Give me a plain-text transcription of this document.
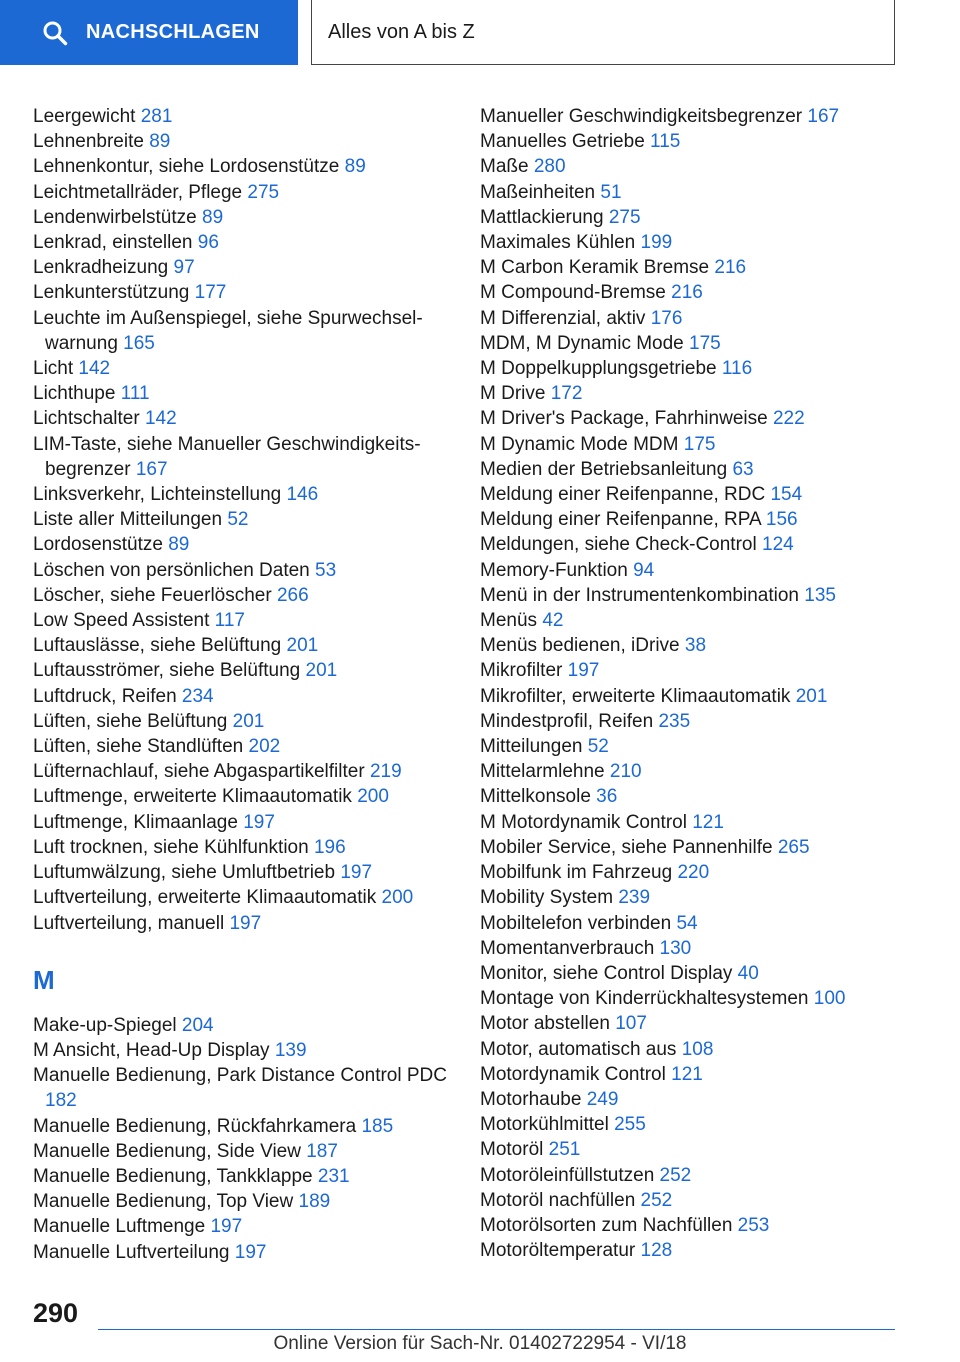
NACHSCHLAGEN	Alles von A bis Z
Leergewicht 281
Lehnenbreite 89
Lehnenkontur, siehe Lordosenstütze 89
Leichtmetallräder, Pflege 275
Lendenwirbelstütze 89
Lenkrad, einstellen 96
Lenkradheizung 97
Lenkunterstützung 177
Leuchte im Außenspiegel, siehe Spurwechselwarnung 165
Licht 142
Lichthupe 111
Lichtschalter 142
LIM-Taste, siehe Manueller Geschwindigkeitsbegrenzer 167
Linksverkehr, Lichteinstellung 146
Liste aller Mitteilungen 52
Lordosenstütze 89
Löschen von persönlichen Daten 53
Löscher, siehe Feuerlöscher 266
Low Speed Assistent 117
Luftauslässe, siehe Belüftung 201
Luftausströmer, siehe Belüftung 201
Luftdruck, Reifen 234
Lüften, siehe Belüftung 201
Lüften, siehe Standlüften 202
Lüfternachlauf, siehe Abgaspartikelfilter 219
Luftmenge, erweiterte Klimaautomatik 200
Luftmenge, Klimaanlage 197
Luft trocknen, siehe Kühlfunktion 196
Luftumwälzung, siehe Umluftbetrieb 197
Luftverteilung, erweiterte Klimaautomatik 200
Luftverteilung, manuell 197
M
Make-up-Spiegel 204
M Ansicht, Head-Up Display 139
Manuelle Bedienung, Park Distance Control PDC 182
Manuelle Bedienung, Rückfahrkamera 185
Manuelle Bedienung, Side View 187
Manuelle Bedienung, Tankklappe 231
Manuelle Bedienung, Top View 189
Manuelle Luftmenge 197
Manuelle Luftverteilung 197
Manueller Geschwindigkeitsbegrenzer 167
Manuelles Getriebe 115
Maße 280
Maßeinheiten 51
Mattlackierung 275
Maximales Kühlen 199
M Carbon Keramik Bremse 216
M Compound-Bremse 216
M Differenzial, aktiv 176
MDM, M Dynamic Mode 175
M Doppelkupplungsgetriebe 116
M Drive 172
M Driver's Package, Fahrhinweise 222
M Dynamic Mode MDM 175
Medien der Betriebsanleitung 63
Meldung einer Reifenpanne, RDC 154
Meldung einer Reifenpanne, RPA 156
Meldungen, siehe Check-Control 124
Memory-Funktion 94
Menü in der Instrumentenkombination 135
Menüs 42
Menüs bedienen, iDrive 38
Mikrofilter 197
Mikrofilter, erweiterte Klimaautomatik 201
Mindestprofil, Reifen 235
Mitteilungen 52
Mittelarmlehne 210
Mittelkonsole 36
M Motordynamik Control 121
Mobiler Service, siehe Pannenhilfe 265
Mobilfunk im Fahrzeug 220
Mobility System 239
Mobiltelefon verbinden 54
Momentanverbrauch 130
Monitor, siehe Control Display 40
Montage von Kinderrückhaltesystemen 100
Motor abstellen 107
Motor, automatisch aus 108
Motordynamik Control 121
Motorhaube 249
Motorkühlmittel 255
Motoröl 251
Motoröleinfüllstutzen 252
Motoröl nachfüllen 252
Motorölsorten zum Nachfüllen 253
Motoröltemperatur 128
290
Online Version für Sach-Nr. 01402722954 - VI/18
